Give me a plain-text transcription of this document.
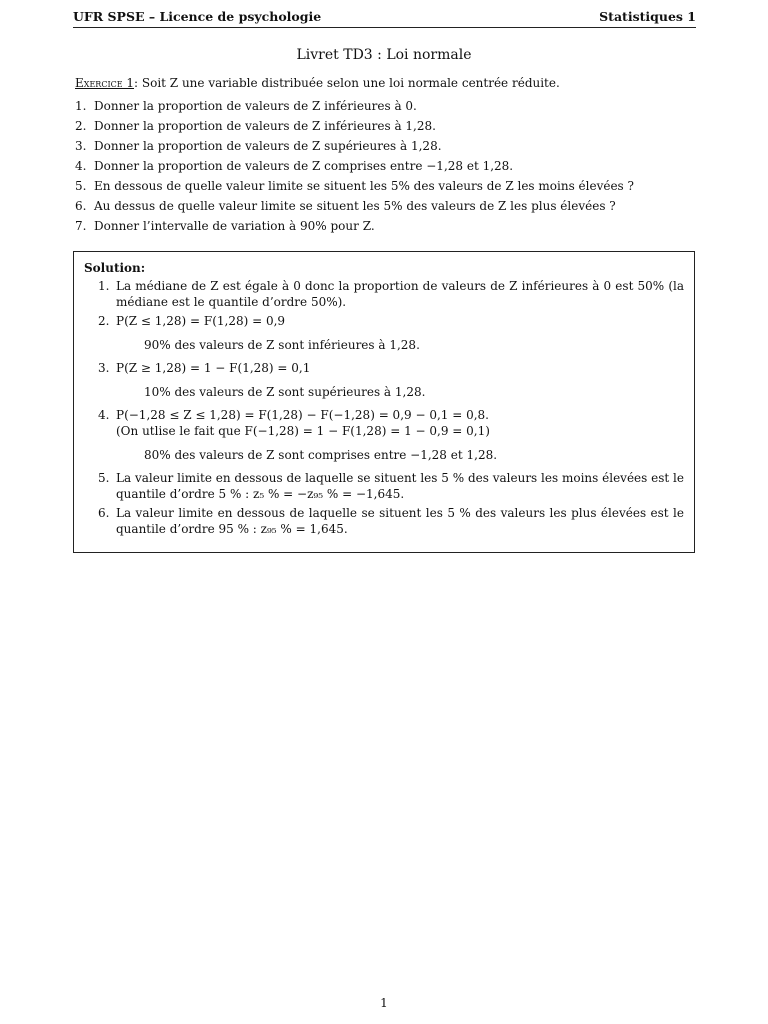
UFR SPSE – Licence de psychologie	Statistiques 1
Livret TD3 : Loi normale

Exercice 1: Soit Z une variable distribuée selon une loi normale centrée réduite.

1. Donner la proportion de valeurs de Z inférieures à 0.
2. Donner la proportion de valeurs de Z inférieures à 1,28.
3. Donner la proportion de valeurs de Z supérieures à 1,28.
4. Donner la proportion de valeurs de Z comprises entre −1,28 et 1,28.
5. En dessous de quelle valeur limite se situent les 5% des valeurs de Z les moins élevées ?
6. Au dessus de quelle valeur limite se situent les 5% des valeurs de Z les plus élevées ?
7. Donner l’intervalle de variation à 90% pour Z.
Solution:
1. La médiane de Z est égale à 0 donc la proportion de valeurs de Z inférieures à 0 est 50% (la médiane est le quantile d’ordre 50%).
2. P(Z ≤ 1,28) = F(1,28) = 0,9
90% des valeurs de Z sont inférieures à 1,28.
3. P(Z ≥ 1,28) = 1 − F(1,28) = 0,1
10% des valeurs de Z sont supérieures à 1,28.
4. P(−1,28 ≤ Z ≤ 1,28) = F(1,28) − F(−1,28) = 0,9 − 0,1 = 0,8.
(On utlise le fait que F(−1,28) = 1 − F(1,28) = 1 − 0,9 = 0,1)
80% des valeurs de Z sont comprises entre −1,28 et 1,28.
5. La valeur limite en dessous de laquelle se situent les 5 % des valeurs les moins élevées est le quantile d’ordre 5 % : z₅ % = −z₉₅ % = −1,645.
6. La valeur limite en dessous de laquelle se situent les 5 % des valeurs les plus élevées est le quantile d’ordre 95 % : z₉₅ % = 1,645.
1
